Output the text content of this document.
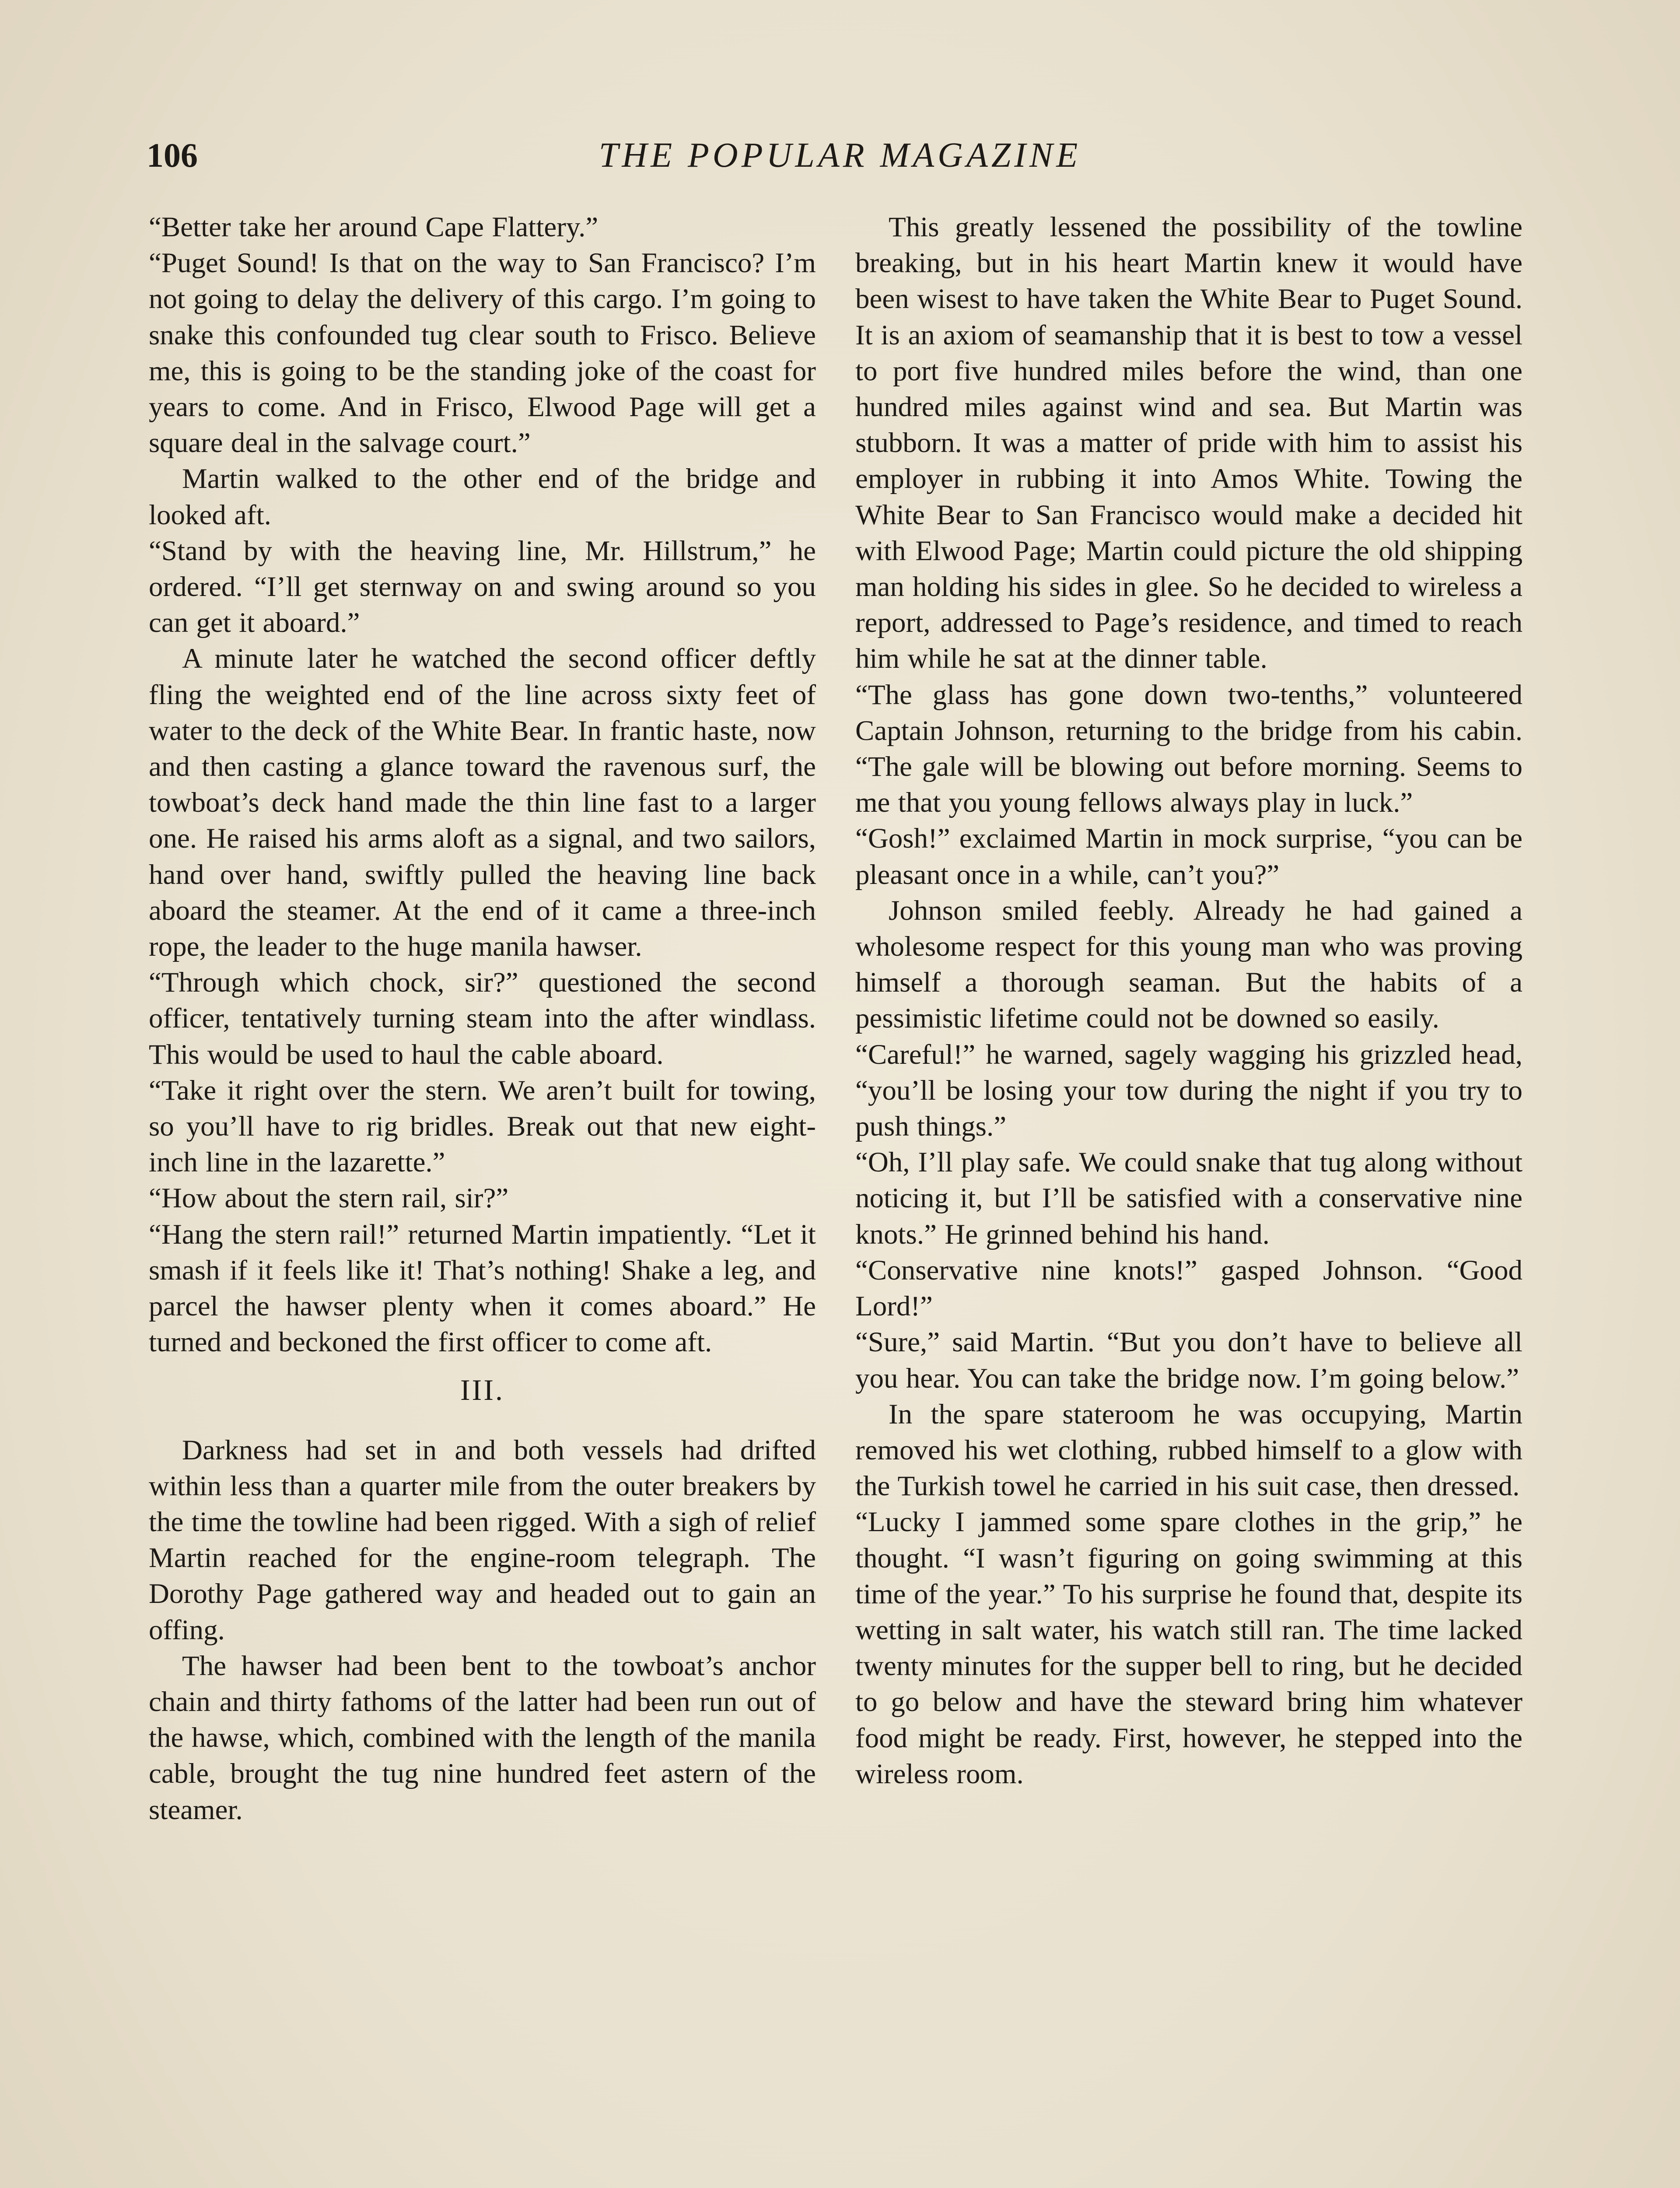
106	THE POPULAR MAGAZINE

“Better take her around Cape Flattery.”

“Puget Sound! Is that on the way to San Francisco? I’m not going to delay the delivery of this cargo. I’m going to snake this confounded tug clear south to Frisco. Believe me, this is going to be the standing joke of the coast for years to come. And in Frisco, Elwood Page will get a square deal in the salvage court.”

Martin walked to the other end of the bridge and looked aft.

“Stand by with the heaving line, Mr. Hillstrum,” he ordered. “I’ll get sternway on and swing around so you can get it aboard.”

A minute later he watched the second officer deftly fling the weighted end of the line across sixty feet of water to the deck of the White Bear. In frantic haste, now and then casting a glance toward the ravenous surf, the towboat’s deck hand made the thin line fast to a larger one. He raised his arms aloft as a signal, and two sailors, hand over hand, swiftly pulled the heaving line back aboard the steamer. At the end of it came a three-inch rope, the leader to the huge manila hawser.

“Through which chock, sir?” questioned the second officer, tentatively turning steam into the after windlass. This would be used to haul the cable aboard.

“Take it right over the stern. We aren’t built for towing, so you’ll have to rig bridles. Break out that new eight-inch line in the lazarette.”

“How about the stern rail, sir?”

“Hang the stern rail!” returned Martin impatiently. “Let it smash if it feels like it! That’s nothing! Shake a leg, and parcel the hawser plenty when it comes aboard.” He turned and beckoned the first officer to come aft.

III.

Darkness had set in and both vessels had drifted within less than a quarter mile from the outer breakers by the time the towline had been rigged. With a sigh of relief Martin reached for the engine-room telegraph. The Dorothy Page gathered way and headed out to gain an offing.

The hawser had been bent to the towboat’s anchor chain and thirty fathoms of the latter had been run out of the hawse, which, combined with the length of the manila cable, brought the tug nine hundred feet astern of the steamer.

This greatly lessened the possibility of the towline breaking, but in his heart Martin knew it would have been wisest to have taken the White Bear to Puget Sound. It is an axiom of seamanship that it is best to tow a vessel to port five hundred miles before the wind, than one hundred miles against wind and sea. But Martin was stubborn. It was a matter of pride with him to assist his employer in rubbing it into Amos White. Towing the White Bear to San Francisco would make a decided hit with Elwood Page; Martin could picture the old shipping man holding his sides in glee. So he decided to wireless a report, addressed to Page’s residence, and timed to reach him while he sat at the dinner table.

“The glass has gone down two-tenths,” volunteered Captain Johnson, returning to the bridge from his cabin. “The gale will be blowing out before morning. Seems to me that you young fellows always play in luck.”

“Gosh!” exclaimed Martin in mock surprise, “you can be pleasant once in a while, can’t you?”

Johnson smiled feebly. Already he had gained a wholesome respect for this young man who was proving himself a thorough seaman. But the habits of a pessimistic lifetime could not be downed so easily.

“Careful!” he warned, sagely wagging his grizzled head, “you’ll be losing your tow during the night if you try to push things.”

“Oh, I’ll play safe. We could snake that tug along without noticing it, but I’ll be satisfied with a conservative nine knots.” He grinned behind his hand.

“Conservative nine knots!” gasped Johnson. “Good Lord!”

“Sure,” said Martin. “But you don’t have to believe all you hear. You can take the bridge now. I’m going below.”

In the spare stateroom he was occupying, Martin removed his wet clothing, rubbed himself to a glow with the Turkish towel he carried in his suit case, then dressed.

“Lucky I jammed some spare clothes in the grip,” he thought. “I wasn’t figuring on going swimming at this time of the year.” To his surprise he found that, despite its wetting in salt water, his watch still ran. The time lacked twenty minutes for the supper bell to ring, but he decided to go below and have the steward bring him whatever food might be ready. First, however, he stepped into the wireless room.
